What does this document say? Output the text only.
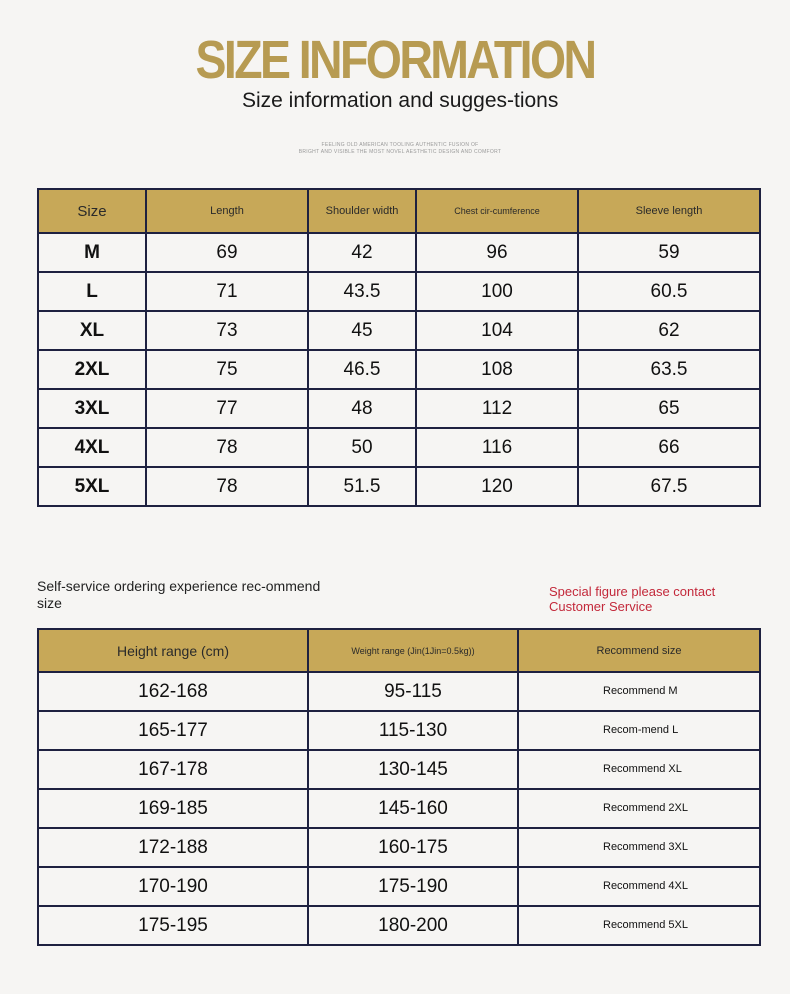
SIZE INFORMATION
Size information and sugges-tions
FEELING OLD AMERICAN TOOLING AUTHENTIC FUSION OF
BRIGHT AND VISIBLE THE MOST NOVEL AESTHETIC DESIGN AND COMFORT
Size	Length	Shoulder width	Chest cir-cumference	Sleeve length
M	69	42	96	59
L	71	43.5	100	60.5
XL	73	45	104	62
2XL	75	46.5	108	63.5
3XL	77	48	112	65
4XL	78	50	116	66
5XL	78	51.5	120	67.5
Self-service ordering experience rec-ommend size
Special figure please contact Customer Service
Height range (cm)	Weight range (Jin(1Jin=0.5kg))	Recommend size
162-168	95-115	Recommend M
165-177	115-130	Recom-mend L
167-178	130-145	Recommend XL
169-185	145-160	Recommend 2XL
172-188	160-175	Recommend 3XL
170-190	175-190	Recommend 4XL
175-195	180-200	Recommend 5XL
